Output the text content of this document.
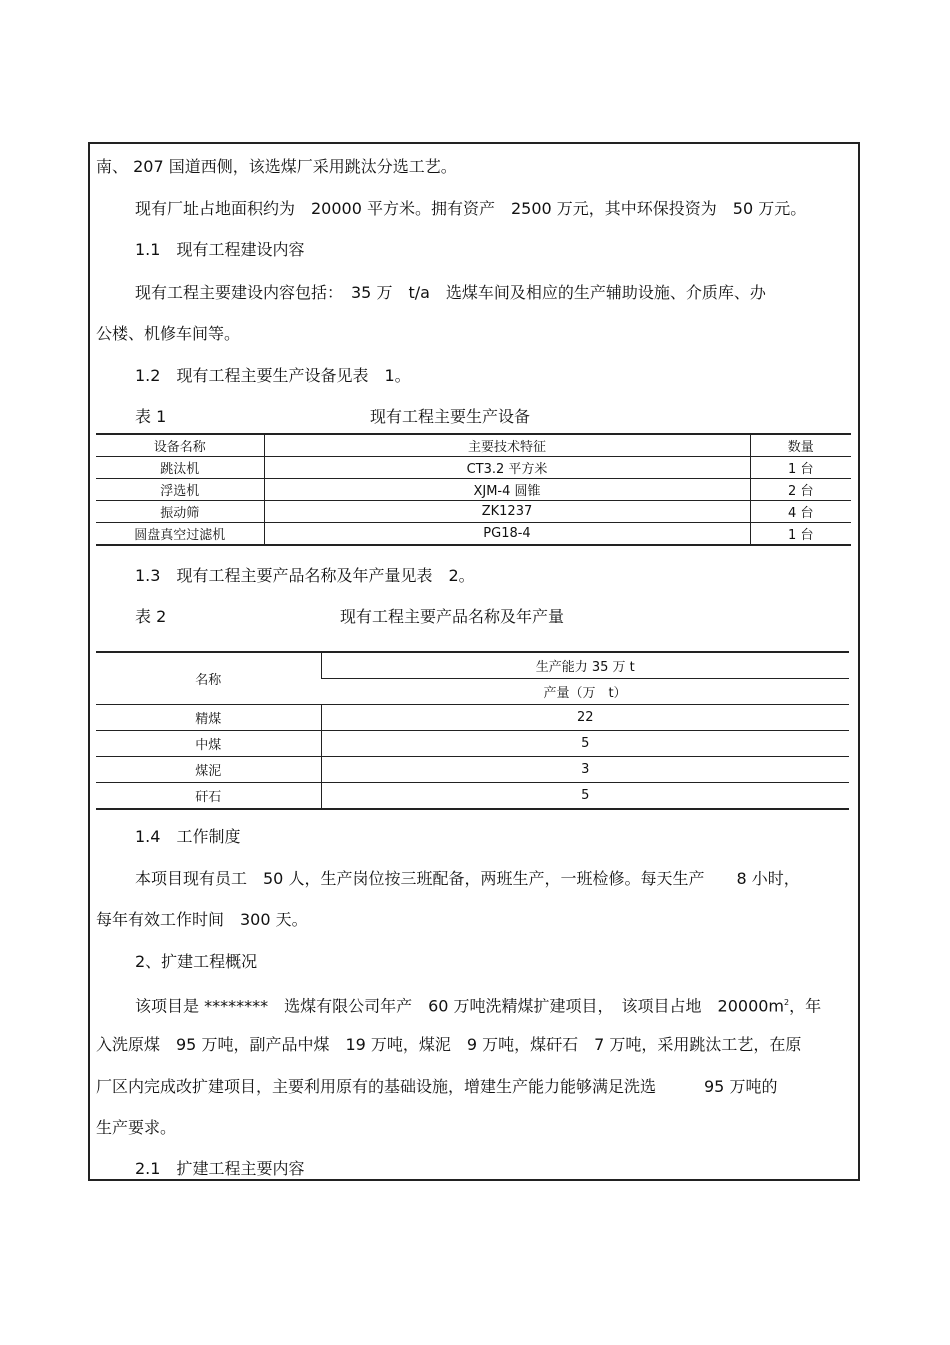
南、 207 国道西侧，该选煤厂采用跳汰分选工艺。
现有厂址占地面积约为　20000 平方米。拥有资产　2500 万元，其中环保投资为　50 万元。
1.1　现有工程建设内容
现有工程主要建设内容包括：　35 万　t/a　选煤车间及相应的生产辅助设施、介质库、办
公楼、机修车间等。
1.2　现有工程主要生产设备见表　1。
表 1	现有工程主要生产设备
设备名称	主要技术特征	数量
跳汰机	CT3.2 平方米	1 台
浮选机	XJM-4 圆锥	2 台
振动筛	ZK1237	4 台
圆盘真空过滤机	PG18-4	1 台
1.3　现有工程主要产品名称及年产量见表　2。
表 2	现有工程主要产品名称及年产量
名称	生产能力 35 万 t
	产量（万　t）
精煤	22
中煤	5
煤泥	3
矸石	5
1.4　工作制度
本项目现有员工　50 人，生产岗位按三班配备，两班生产，一班检修。每天生产　　8 小时，
每年有效工作时间　300 天。
2、扩建工程概况
该项目是 ********　选煤有限公司年产　60 万吨洗精煤扩建项目，　该项目占地　$20000m^2$，年
入洗原煤　95 万吨，副产品中煤　19 万吨，煤泥　9 万吨，煤矸石　7 万吨，采用跳汰工艺，在原
厂区内完成改扩建项目，主要利用原有的基础设施，增建生产能力能够满足洗选　　　95 万吨的
生产要求。
2.1　扩建工程主要内容
